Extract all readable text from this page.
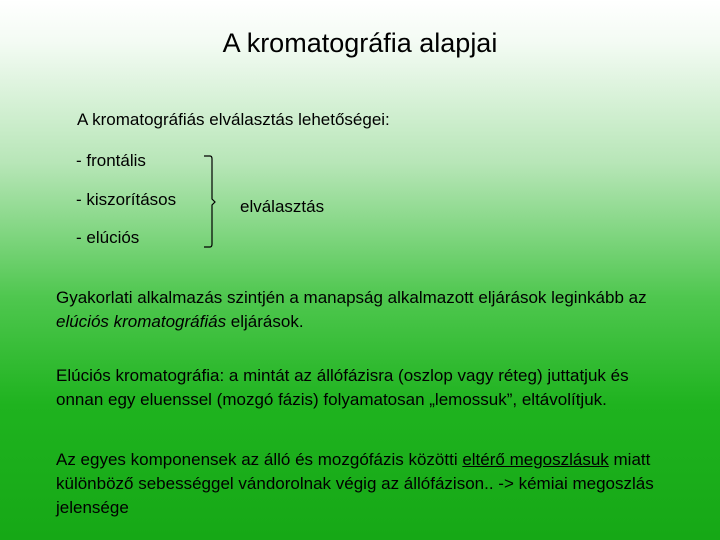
A kromatográfia alapjai
A kromatográfiás elválasztás lehetőségei:
- frontális
- kiszorításos
- elúciós
elválasztás
Gyakorlati alkalmazás szintjén a manapság alkalmazott eljárások leginkább az elúciós kromatográfiás eljárások.
Elúciós kromatográfia: a mintát az állófázisra (oszlop vagy réteg) juttatjuk és onnan egy eluenssel (mozgó fázis) folyamatosan „lemossuk”, eltávolítjuk.
Az egyes komponensek az álló és mozgófázis közötti eltérő megoszlásuk miatt különböző sebességgel vándorolnak végig az állófázison.. -> kémiai megoszlás jelensége
